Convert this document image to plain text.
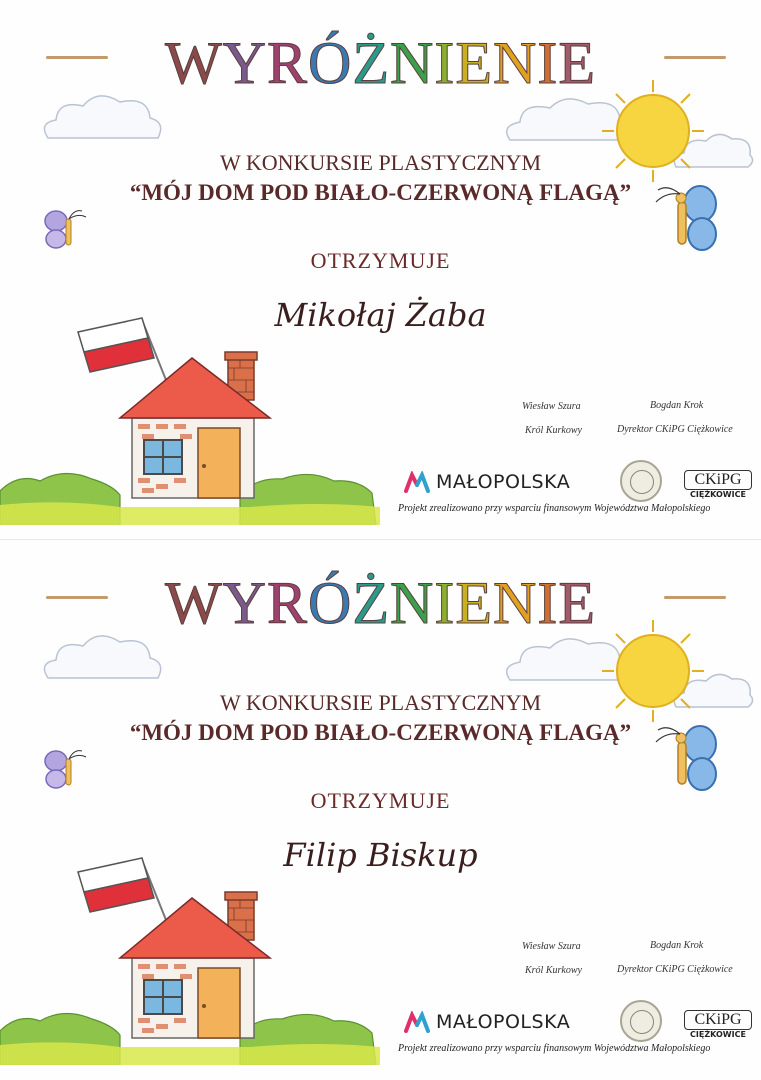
WYRÓŻNIENIE
W KONKURSIE PLASTYCZNYM
“MÓJ DOM POD BIAŁO-CZERWONĄ FLAGĄ”
OTRZYMUJE
Mikołaj Żaba
Wiesław Szura
Król Kurkowy
Bogdan Krok
Dyrektor CKiPG Ciężkowice
MAŁOPOLSKA	CKiPG
CIĘŻKOWICE
Projekt zrealizowano przy wsparciu finansowym Województwa Małopolskiego
WYRÓŻNIENIE
W KONKURSIE PLASTYCZNYM
“MÓJ DOM POD BIAŁO-CZERWONĄ FLAGĄ”
OTRZYMUJE
Filip Biskup
Wiesław Szura
Król Kurkowy
Bogdan Krok
Dyrektor CKiPG Ciężkowice
MAŁOPOLSKA	CKiPG
CIĘŻKOWICE
Projekt zrealizowano przy wsparciu finansowym Województwa Małopolskiego
